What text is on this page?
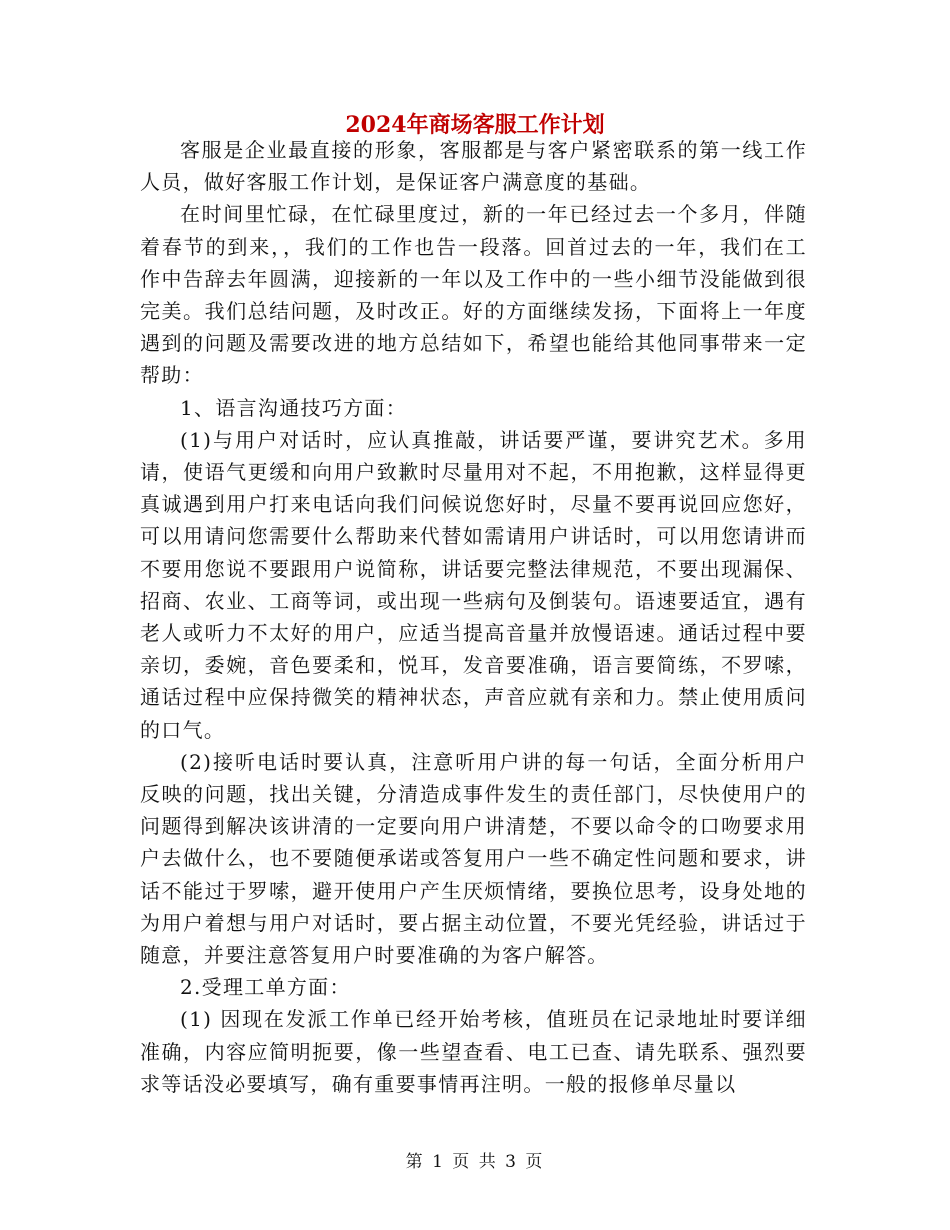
2024年商场客服工作计划

客服是企业最直接的形象，客服都是与客户紧密联系的第一线工作人员，做好客服工作计划，是保证客户满意度的基础。

在时间里忙碌，在忙碌里度过，新的一年已经过去一个多月，伴随着春节的到来，，我们的工作也告一段落。回首过去的一年，我们在工作中告辞去年圆满，迎接新的一年以及工作中的一些小细节没能做到很完美。我们总结问题，及时改正。好的方面继续发扬，下面将上一年度遇到的问题及需要改进的地方总结如下，希望也能给其他同事带来一定帮助：

1、语言沟通技巧方面：

(1)与用户对话时，应认真推敲，讲话要严谨，要讲究艺术。多用请，使语气更缓和向用户致歉时尽量用对不起，不用抱歉，这样显得更真诚遇到用户打来电话向我们问候说您好时，尽量不要再说回应您好，可以用请问您需要什么帮助来代替如需请用户讲话时，可以用您请讲而不要用您说不要跟用户说简称，讲话要完整法律规范，不要出现漏保、招商、农业、工商等词，或出现一些病句及倒装句。语速要适宜，遇有老人或听力不太好的用户，应适当提高音量并放慢语速。通话过程中要亲切，委婉，音色要柔和，悦耳，发音要准确，语言要简练，不罗嗦，通话过程中应保持微笑的精神状态，声音应就有亲和力。禁止使用质问的口气。

(2)接听电话时要认真，注意听用户讲的每一句话，全面分析用户反映的问题，找出关键，分清造成事件发生的责任部门，尽快使用户的问题得到解决该讲清的一定要向用户讲清楚，不要以命令的口吻要求用户去做什么，也不要随便承诺或答复用户一些不确定性问题和要求，讲话不能过于罗嗦，避开使用户产生厌烦情绪，要换位思考，设身处地的为用户着想与用户对话时，要占据主动位置，不要光凭经验，讲话过于随意，并要注意答复用户时要准确的为客户解答。

2.受理工单方面：

(1) 因现在发派工作单已经开始考核，值班员在记录地址时要详细准确，内容应简明扼要，像一些望查看、电工已查、请先联系、强烈要求等话没必要填写，确有重要事情再注明。一般的报修单尽量以

第 1 页 共 3 页
